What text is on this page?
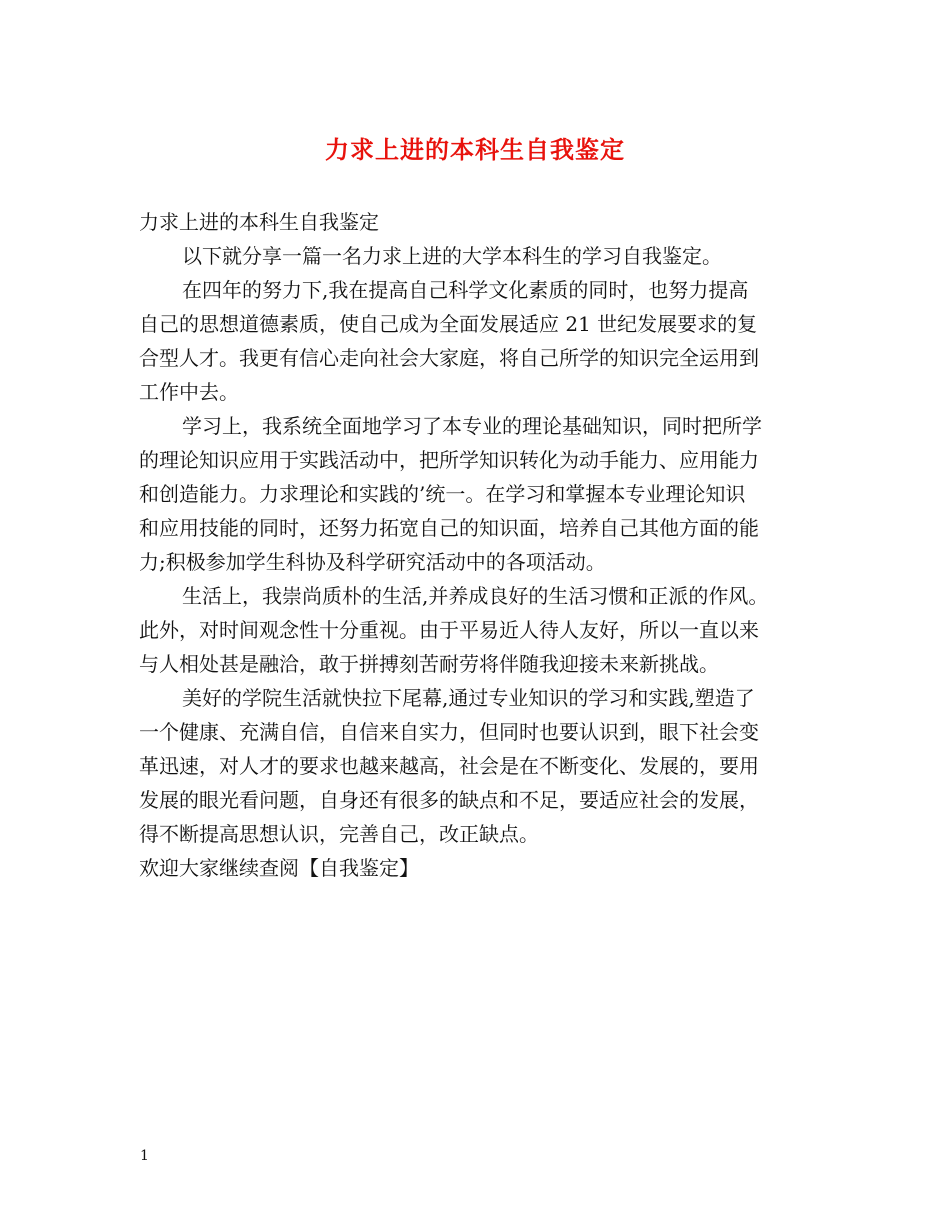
力求上进的本科生自我鉴定
力求上进的本科生自我鉴定
以下就分享一篇一名力求上进的大学本科生的学习自我鉴定。
在四年的努力下,我在提高自己科学文化素质的同时，也努力提高
自己的思想道德素质，使自己成为全面发展适应 21 世纪发展要求的复
合型人才。我更有信心走向社会大家庭，将自己所学的知识完全运用到
工作中去。
学习上，我系统全面地学习了本专业的理论基础知识，同时把所学
的理论知识应用于实践活动中，把所学知识转化为动手能力、应用能力
和创造能力。力求理论和实践的’统一。在学习和掌握本专业理论知识
和应用技能的同时，还努力拓宽自己的知识面，培养自己其他方面的能
力;积极参加学生科协及科学研究活动中的各项活动。
生活上，我崇尚质朴的生活,并养成良好的生活习惯和正派的作风。
此外，对时间观念性十分重视。由于平易近人待人友好，所以一直以来
与人相处甚是融洽，敢于拼搏刻苦耐劳将伴随我迎接未来新挑战。
美好的学院生活就快拉下尾幕,通过专业知识的学习和实践,塑造了
一个健康、充满自信，自信来自实力，但同时也要认识到，眼下社会变
革迅速，对人才的要求也越来越高，社会是在不断变化、发展的，要用
发展的眼光看问题，自身还有很多的缺点和不足，要适应社会的发展，
得不断提高思想认识，完善自己，改正缺点。
欢迎大家继续查阅【自我鉴定】
1
